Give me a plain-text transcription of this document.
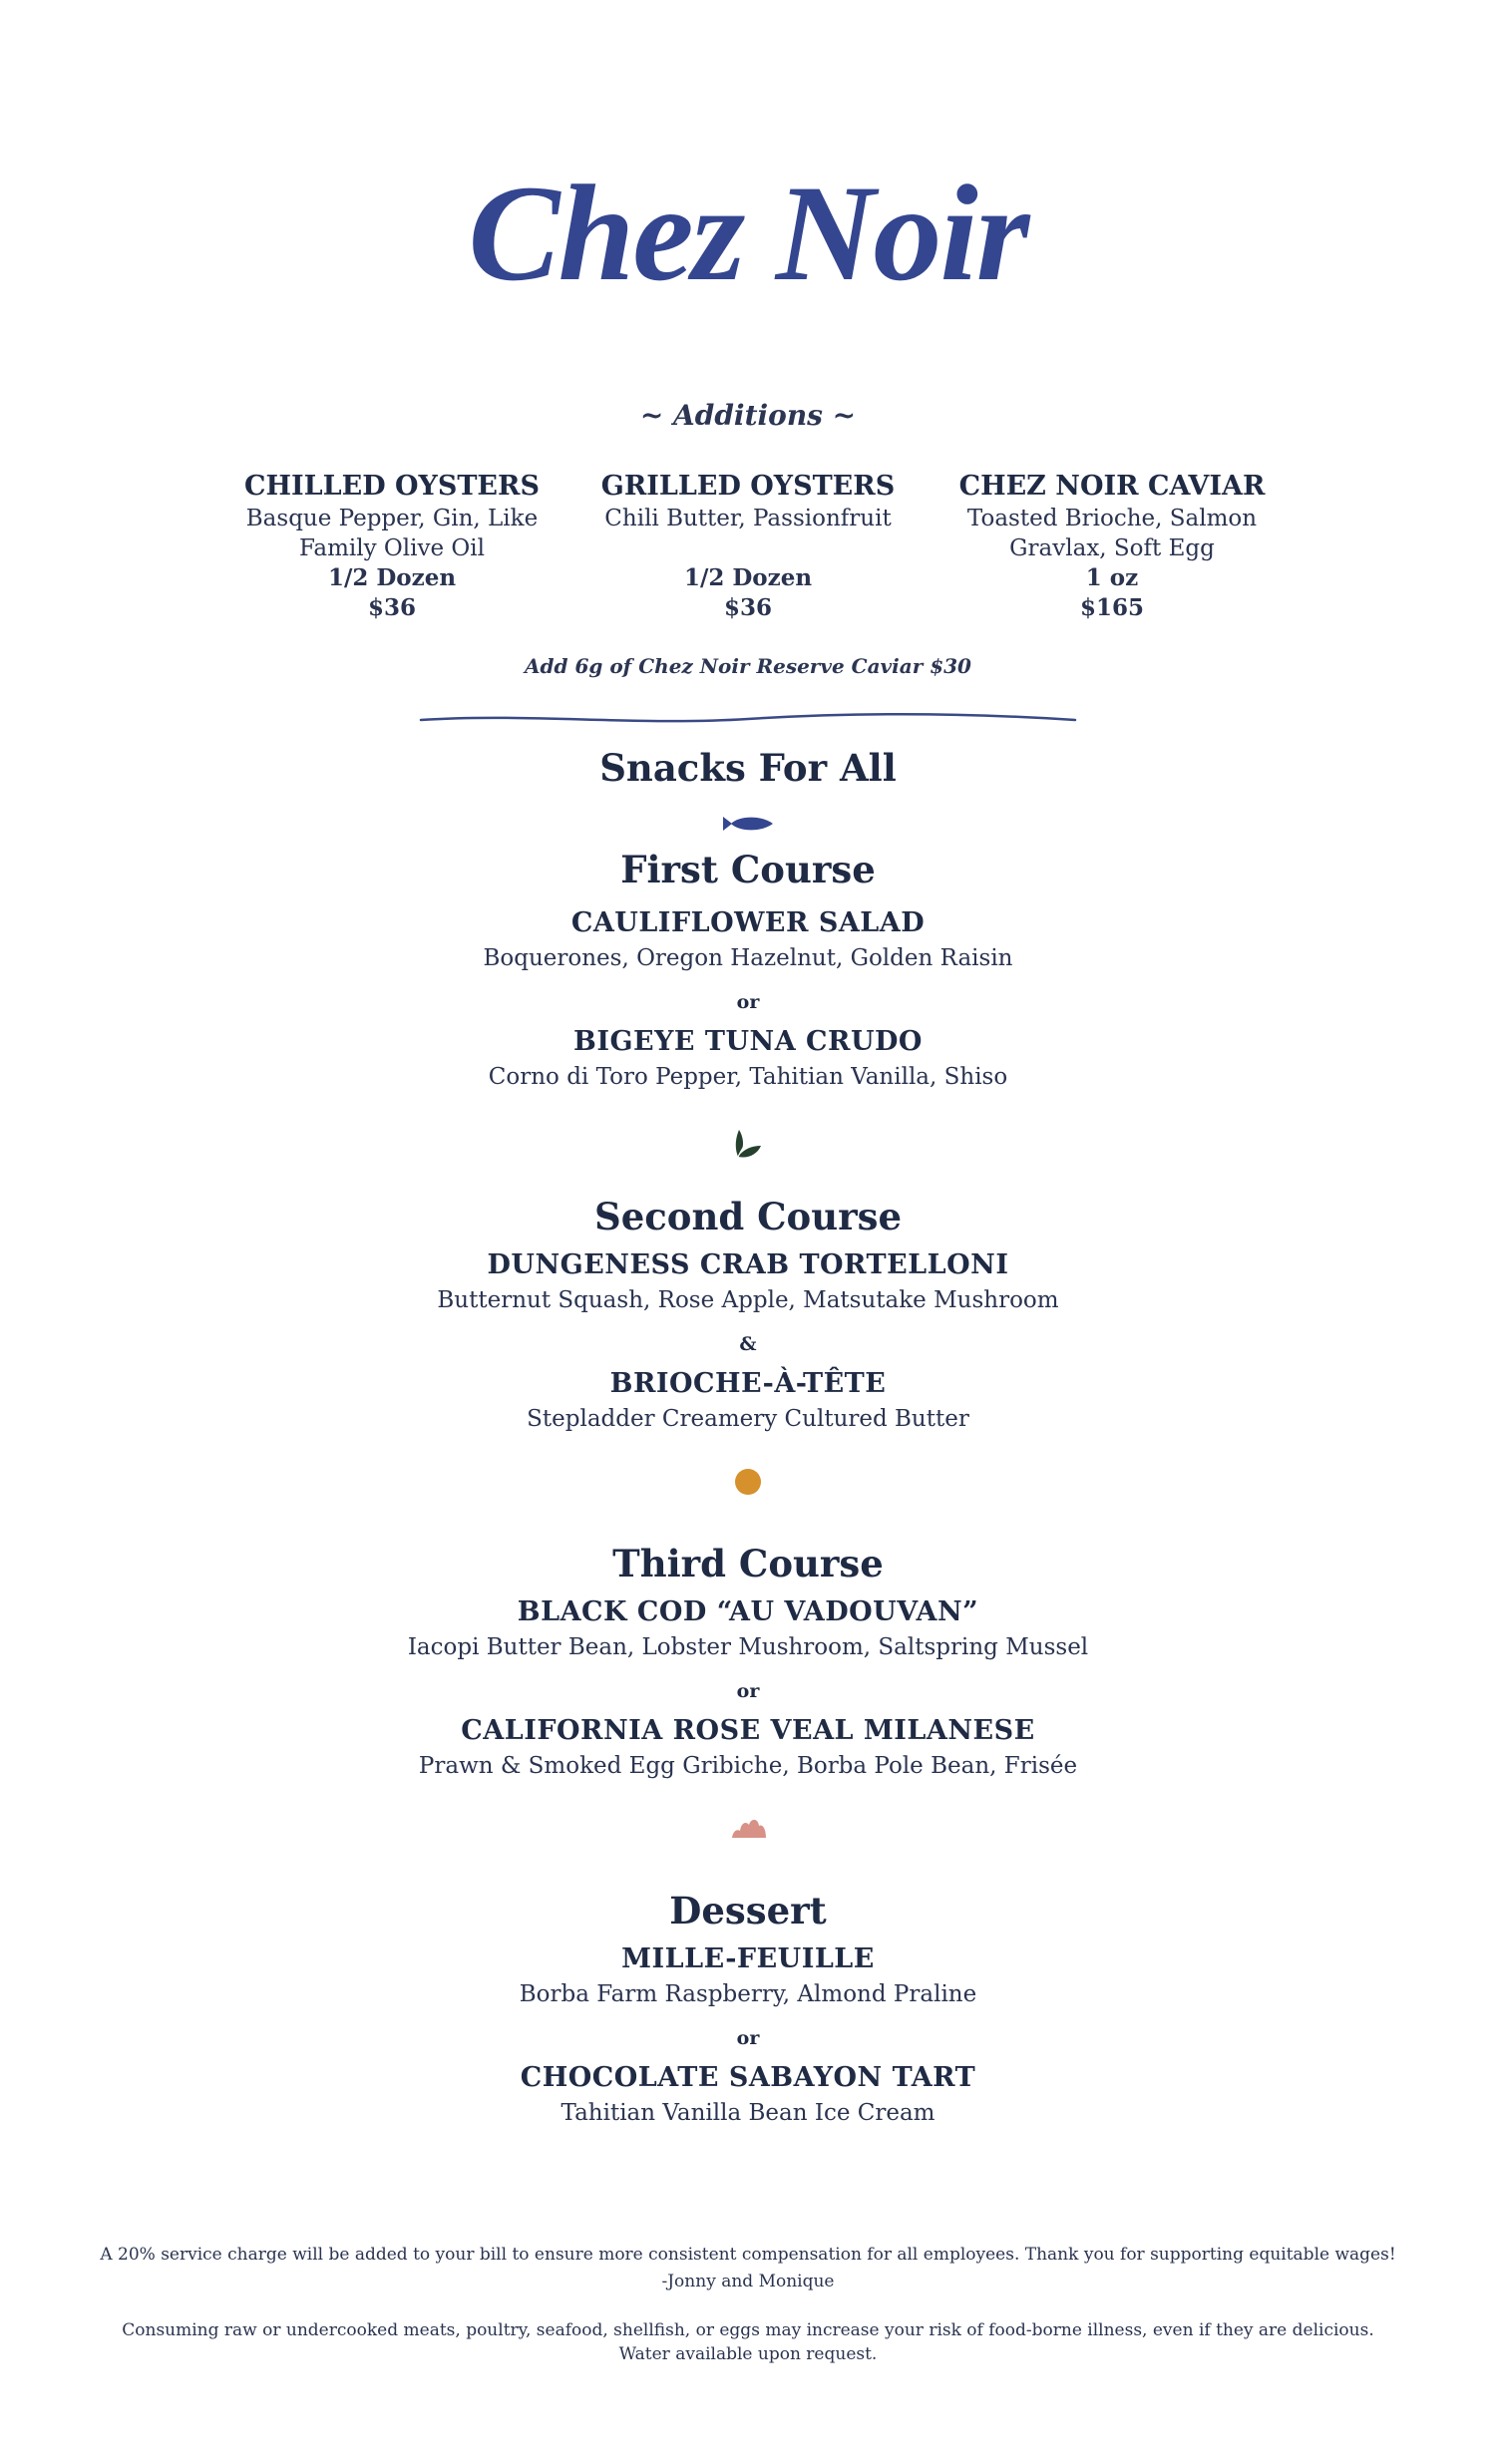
Chez Noir
~ Additions ~
CHILLED OYSTERS
Basque Pepper, Gin, Like
Family Olive Oil
1/2 Dozen
$36
GRILLED OYSTERS
Chili Butter, Passionfruit
1/2 Dozen
$36
CHEZ NOIR CAVIAR
Toasted Brioche, Salmon
Gravlax, Soft Egg
1 oz
$165
Add 6g of Chez Noir Reserve Caviar $30
Snacks For All
First Course
CAULIFLOWER SALAD
Boquerones, Oregon Hazelnut, Golden Raisin
or
BIGEYE TUNA CRUDO
Corno di Toro Pepper, Tahitian Vanilla, Shiso
Second Course
DUNGENESS CRAB TORTELLONI
Butternut Squash, Rose Apple, Matsutake Mushroom
&
BRIOCHE-À-TÊTE
Stepladder Creamery Cultured Butter
Third Course
BLACK COD “AU VADOUVAN”
Iacopi Butter Bean, Lobster Mushroom, Saltspring Mussel
or
CALIFORNIA ROSE VEAL MILANESE
Prawn & Smoked Egg Gribiche, Borba Pole Bean, Frisée
Dessert
MILLE-FEUILLE
Borba Farm Raspberry, Almond Praline
or
CHOCOLATE SABAYON TART
Tahitian Vanilla Bean Ice Cream
A 20% service charge will be added to your bill to ensure more consistent compensation for all employees. Thank you for supporting equitable wages!
-Jonny and Monique
Consuming raw or undercooked meats, poultry, seafood, shellfish, or eggs may increase your risk of food-borne illness, even if they are delicious.
Water available upon request.
